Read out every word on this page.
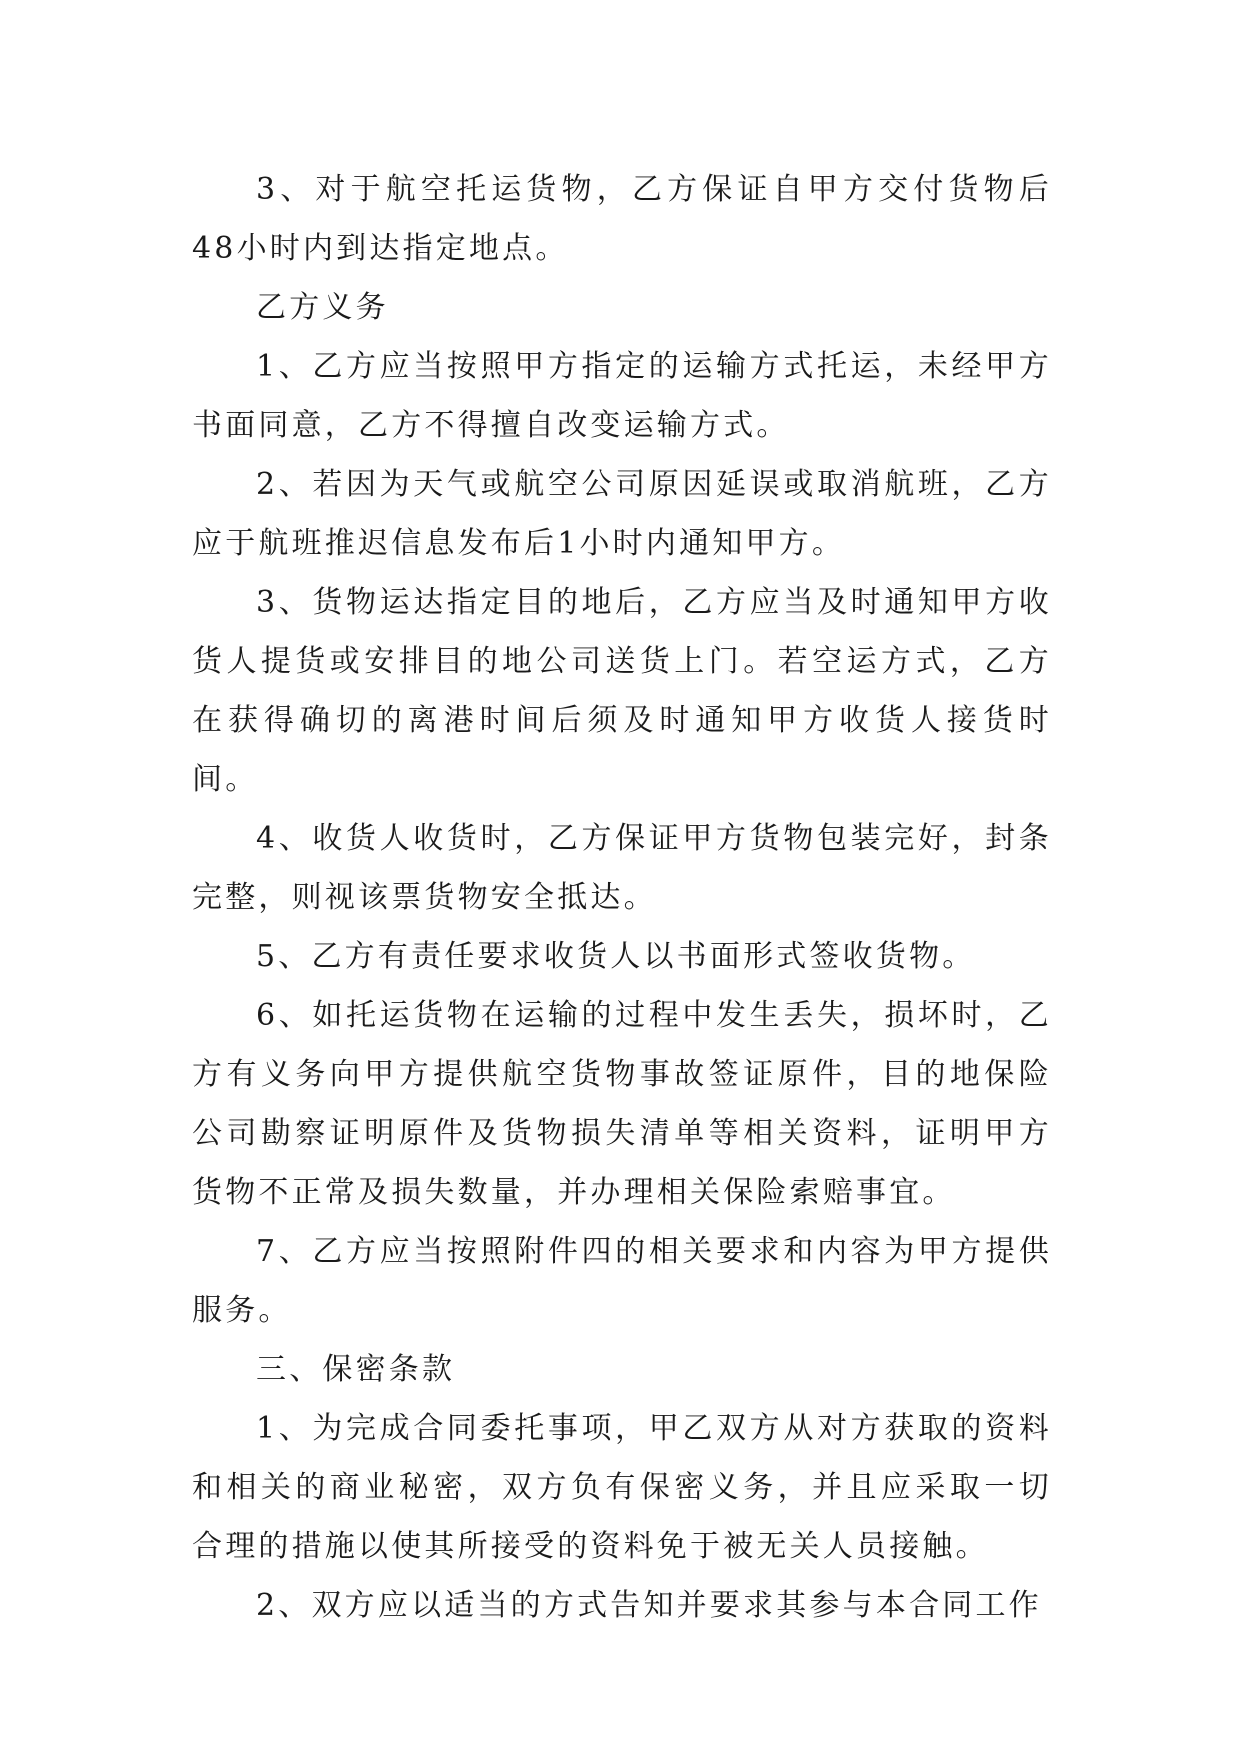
3、对于航空托运货物，乙方保证自甲方交付货物后48小时内到达指定地点。

乙方义务

1、乙方应当按照甲方指定的运输方式托运，未经甲方书面同意，乙方不得擅自改变运输方式。

2、若因为天气或航空公司原因延误或取消航班，乙方应于航班推迟信息发布后1小时内通知甲方。

3、货物运达指定目的地后，乙方应当及时通知甲方收货人提货或安排目的地公司送货上门。若空运方式，乙方在获得确切的离港时间后须及时通知甲方收货人接货时间。

4、收货人收货时，乙方保证甲方货物包装完好，封条完整，则视该票货物安全抵达。

5、乙方有责任要求收货人以书面形式签收货物。

6、如托运货物在运输的过程中发生丢失，损坏时，乙方有义务向甲方提供航空货物事故签证原件，目的地保险公司勘察证明原件及货物损失清单等相关资料，证明甲方货物不正常及损失数量，并办理相关保险索赔事宜。

7、乙方应当按照附件四的相关要求和内容为甲方提供服务。

三、保密条款

1、为完成合同委托事项，甲乙双方从对方获取的资料和相关的商业秘密，双方负有保密义务，并且应采取一切合理的措施以使其所接受的资料免于被无关人员接触。

2、双方应以适当的方式告知并要求其参与本合同工作
